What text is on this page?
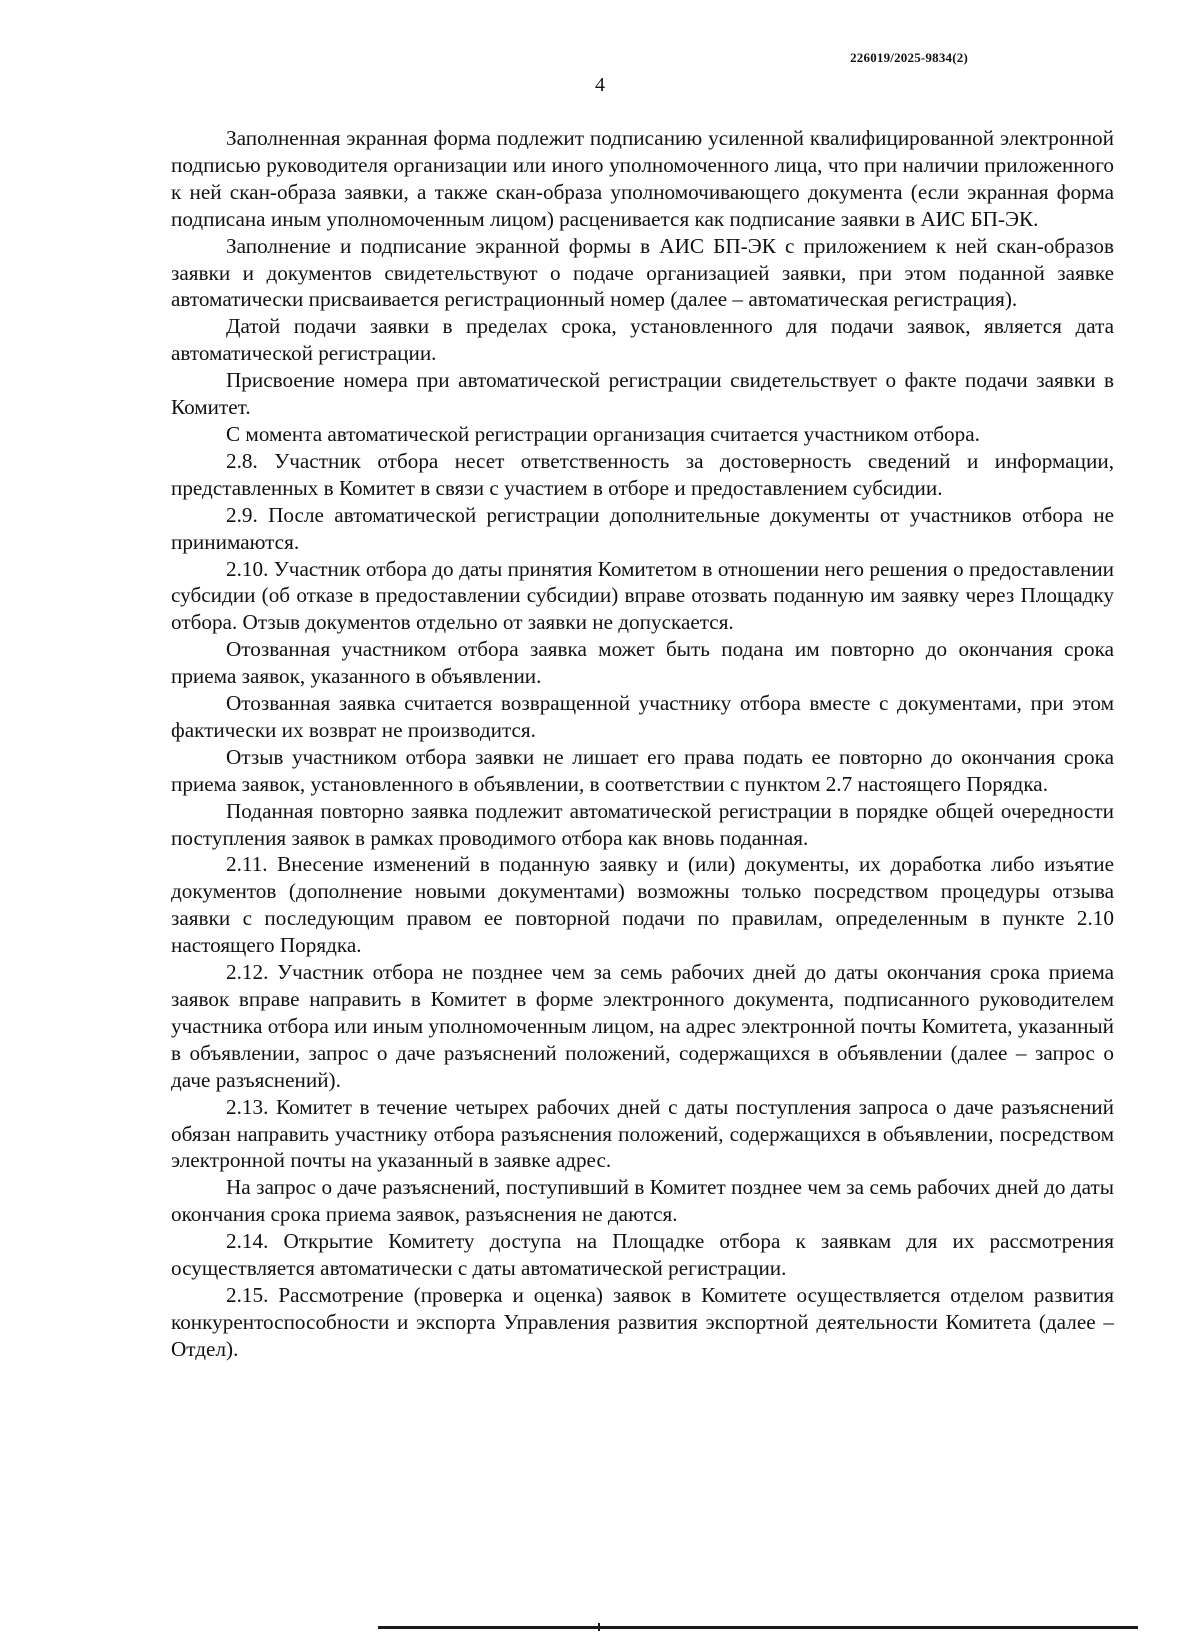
226019/2025-9834(2)
4

Заполненная экранная форма подлежит подписанию усиленной квалифицированной электронной подписью руководителя организации или иного уполномоченного лица, что при наличии приложенного к ней скан-образа заявки, а также скан-образа уполномочивающего документа (если экранная форма подписана иным уполномоченным лицом) расценивается как подписание заявки в АИС БП-ЭК.

Заполнение и подписание экранной формы в АИС БП-ЭК с приложением к ней скан-образов заявки и документов свидетельствуют о подаче организацией заявки, при этом поданной заявке автоматически присваивается регистрационный номер (далее – автоматическая регистрация).

Датой подачи заявки в пределах срока, установленного для подачи заявок, является дата автоматической регистрации.

Присвоение номера при автоматической регистрации свидетельствует о факте подачи заявки в Комитет.

С момента автоматической регистрации организация считается участником отбора.

2.8. Участник отбора несет ответственность за достоверность сведений и информации, представленных в Комитет в связи с участием в отборе и предоставлением субсидии.

2.9. После автоматической регистрации дополнительные документы от участников отбора не принимаются.

2.10. Участник отбора до даты принятия Комитетом в отношении него решения о предоставлении субсидии (об отказе в предоставлении субсидии) вправе отозвать поданную им заявку через Площадку отбора. Отзыв документов отдельно от заявки не допускается.

Отозванная участником отбора заявка может быть подана им повторно до окончания срока приема заявок, указанного в объявлении.

Отозванная заявка считается возвращенной участнику отбора вместе с документами, при этом фактически их возврат не производится.

Отзыв участником отбора заявки не лишает его права подать ее повторно до окончания срока приема заявок, установленного в объявлении, в соответствии с пунктом 2.7 настоящего Порядка.

Поданная повторно заявка подлежит автоматической регистрации в порядке общей очередности поступления заявок в рамках проводимого отбора как вновь поданная.

2.11. Внесение изменений в поданную заявку и (или) документы, их доработка либо изъятие документов (дополнение новыми документами) возможны только посредством процедуры отзыва заявки с последующим правом ее повторной подачи по правилам, определенным в пункте 2.10 настоящего Порядка.

2.12. Участник отбора не позднее чем за семь рабочих дней до даты окончания срока приема заявок вправе направить в Комитет в форме электронного документа, подписанного руководителем участника отбора или иным уполномоченным лицом, на адрес электронной почты Комитета, указанный в объявлении, запрос о даче разъяснений положений, содержащихся в объявлении (далее – запрос о даче разъяснений).

2.13. Комитет в течение четырех рабочих дней с даты поступления запроса о даче разъяснений обязан направить участнику отбора разъяснения положений, содержащихся в объявлении, посредством электронной почты на указанный в заявке адрес.

На запрос о даче разъяснений, поступивший в Комитет позднее чем за семь рабочих дней до даты окончания срока приема заявок, разъяснения не даются.

2.14. Открытие Комитету доступа на Площадке отбора к заявкам для их рассмотрения осуществляется автоматически с даты автоматической регистрации.

2.15. Рассмотрение (проверка и оценка) заявок в Комитете осуществляется отделом развития конкурентоспособности и экспорта Управления развития экспортной деятельности Комитета (далее – Отдел).
